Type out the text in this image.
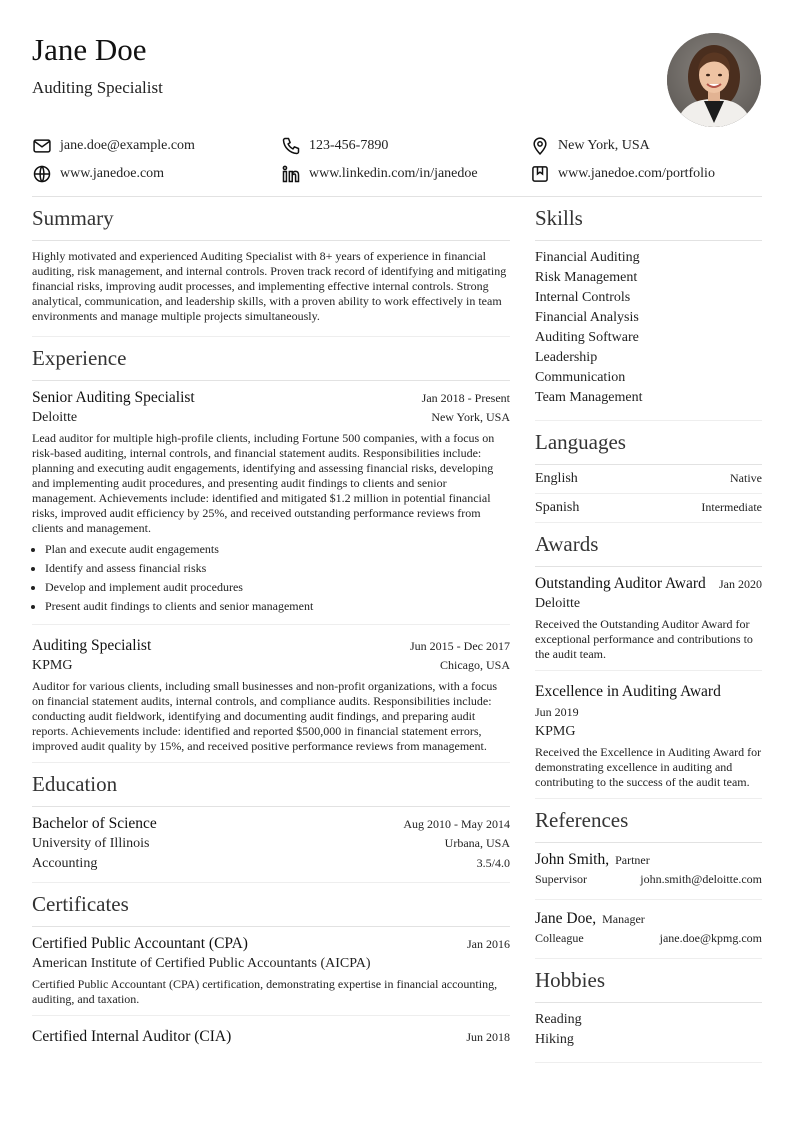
Jane Doe
Auditing Specialist
jane.doe@example.com	123-456-7890	New York, USA
www.janedoe.com	www.linkedin.com/in/janedoe	www.janedoe.com/portfolio
Summary
Highly motivated and experienced Auditing Specialist with 8+ years of experience in financial auditing, risk management, and internal controls. Proven track record of identifying and mitigating financial risks, improving audit processes, and implementing effective internal controls. Strong analytical, communication, and leadership skills, with a proven ability to work effectively in team environments and manage multiple projects simultaneously.
Experience
Senior Auditing Specialist	Jan 2018 - Present
Deloitte	New York, USA
Lead auditor for multiple high-profile clients, including Fortune 500 companies, with a focus on risk-based auditing, internal controls, and financial statement audits. Responsibilities include: planning and executing audit engagements, identifying and assessing financial risks, developing and implementing audit procedures, and presenting audit findings to clients and senior management. Achievements include: identified and mitigated $1.2 million in potential financial risks, improved audit efficiency by 25%, and received outstanding performance reviews from clients and management.
• Plan and execute audit engagements
• Identify and assess financial risks
• Develop and implement audit procedures
• Present audit findings to clients and senior management
Auditing Specialist	Jun 2015 - Dec 2017
KPMG	Chicago, USA
Auditor for various clients, including small businesses and non-profit organizations, with a focus on financial statement audits, internal controls, and compliance audits. Responsibilities include: conducting audit fieldwork, identifying and documenting audit findings, and preparing audit reports. Achievements include: identified and reported $500,000 in financial statement errors, improved audit quality by 15%, and received positive performance reviews from management.
Education
Bachelor of Science	Aug 2010 - May 2014
University of Illinois	Urbana, USA
Accounting	3.5/4.0
Certificates
Certified Public Accountant (CPA)	Jan 2016
American Institute of Certified Public Accountants (AICPA)
Certified Public Accountant (CPA) certification, demonstrating expertise in financial accounting, auditing, and taxation.
Certified Internal Auditor (CIA)	Jun 2018
Skills
Financial Auditing
Risk Management
Internal Controls
Financial Analysis
Auditing Software
Leadership
Communication
Team Management
Languages
English	Native
Spanish	Intermediate
Awards
Outstanding Auditor Award Jan 2020
Deloitte
Received the Outstanding Auditor Award for exceptional performance and contributions to the audit team.
Excellence in Auditing Award
Jun 2019
KPMG
Received the Excellence in Auditing Award for demonstrating excellence in auditing and contributing to the success of the audit team.
References
John Smith, Partner
Supervisor	john.smith@deloitte.com
Jane Doe, Manager
Colleague	jane.doe@kpmg.com
Hobbies
Reading
Hiking
